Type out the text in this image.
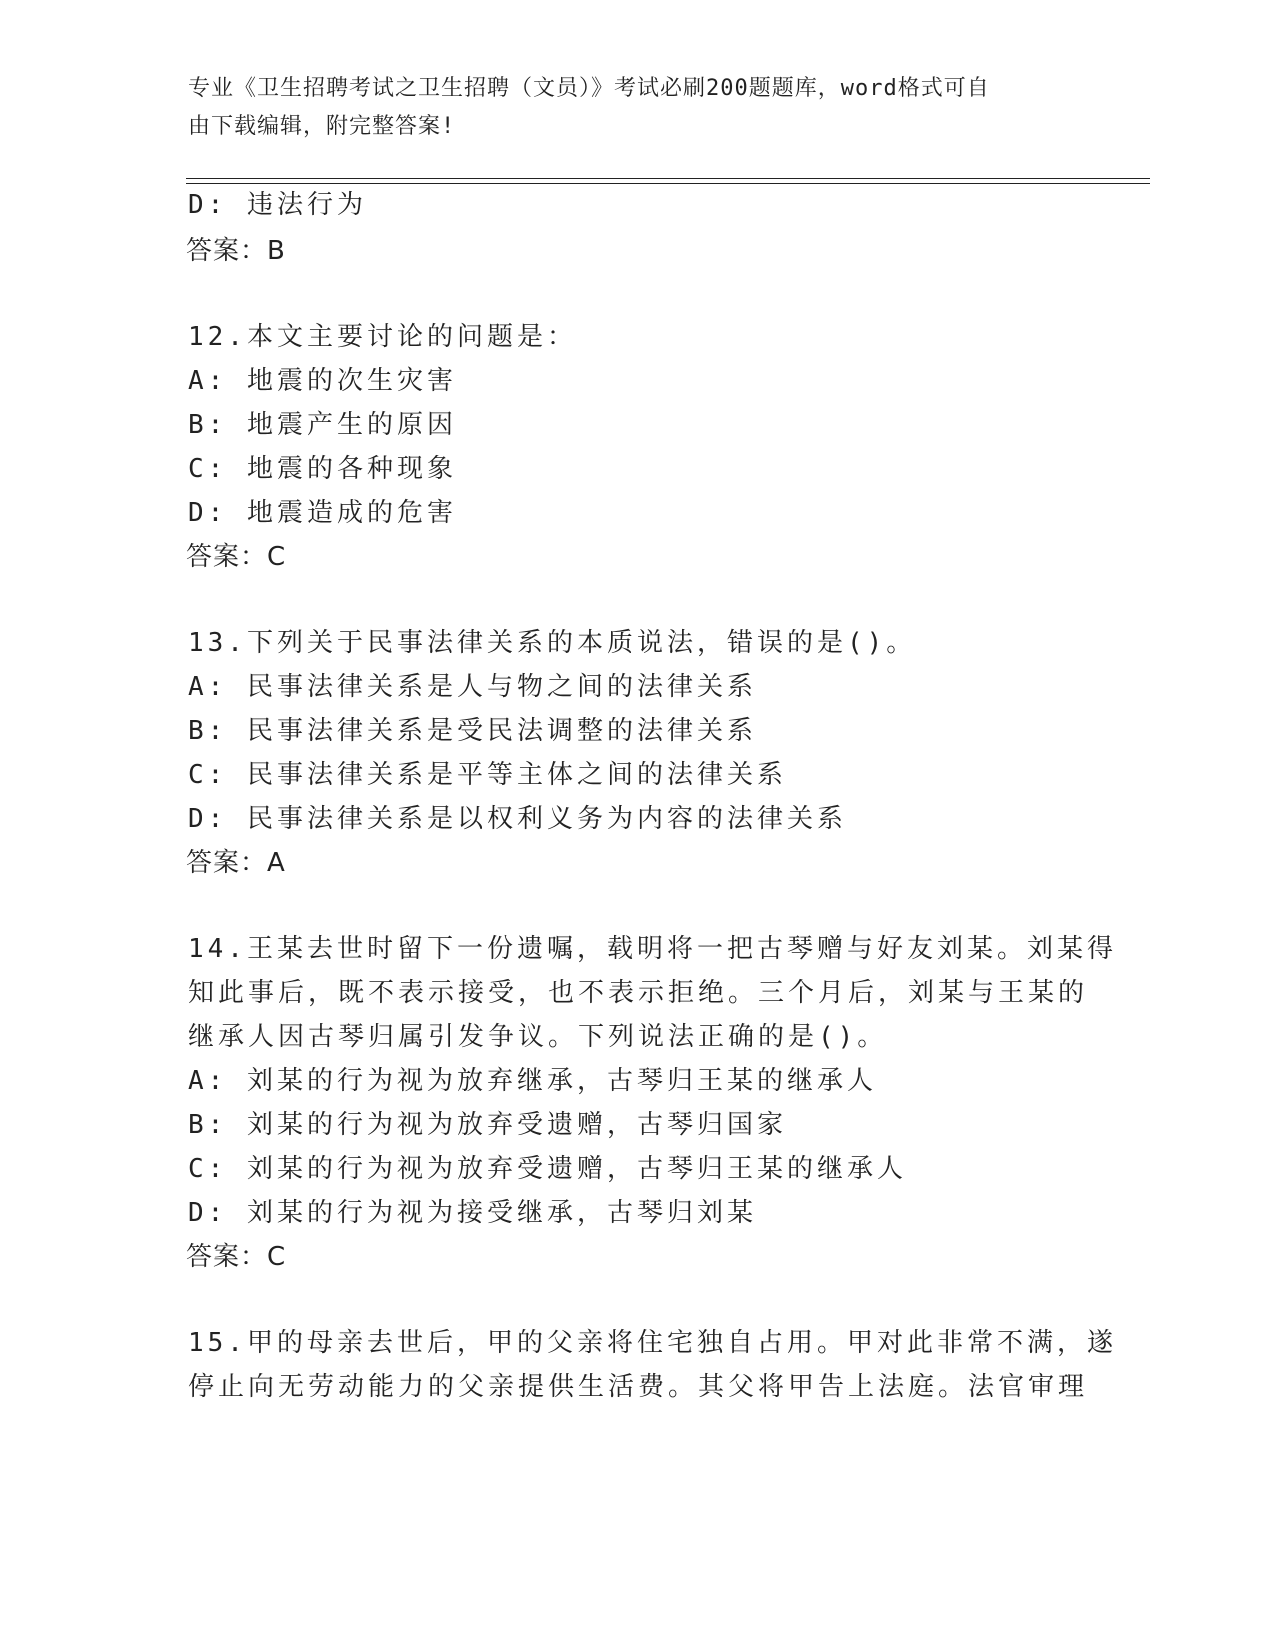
专业《卫生招聘考试之卫生招聘（文员）》考试必刷200题题库，word格式可自
由下载编辑，附完整答案!
D: 违法行为
答案：B
12.本文主要讨论的问题是：
A: 地震的次生灾害
B: 地震产生的原因
C: 地震的各种现象
D: 地震造成的危害
答案：C
13.下列关于民事法律关系的本质说法，错误的是()。
A: 民事法律关系是人与物之间的法律关系
B: 民事法律关系是受民法调整的法律关系
C: 民事法律关系是平等主体之间的法律关系
D: 民事法律关系是以权利义务为内容的法律关系
答案：A
14.王某去世时留下一份遗嘱，载明将一把古琴赠与好友刘某。刘某得
知此事后，既不表示接受，也不表示拒绝。三个月后，刘某与王某的
继承人因古琴归属引发争议。下列说法正确的是()。
A: 刘某的行为视为放弃继承，古琴归王某的继承人
B: 刘某的行为视为放弃受遗赠，古琴归国家
C: 刘某的行为视为放弃受遗赠，古琴归王某的继承人
D: 刘某的行为视为接受继承，古琴归刘某
答案：C
15.甲的母亲去世后，甲的父亲将住宅独自占用。甲对此非常不满，遂
停止向无劳动能力的父亲提供生活费。其父将甲告上法庭。法官审理
